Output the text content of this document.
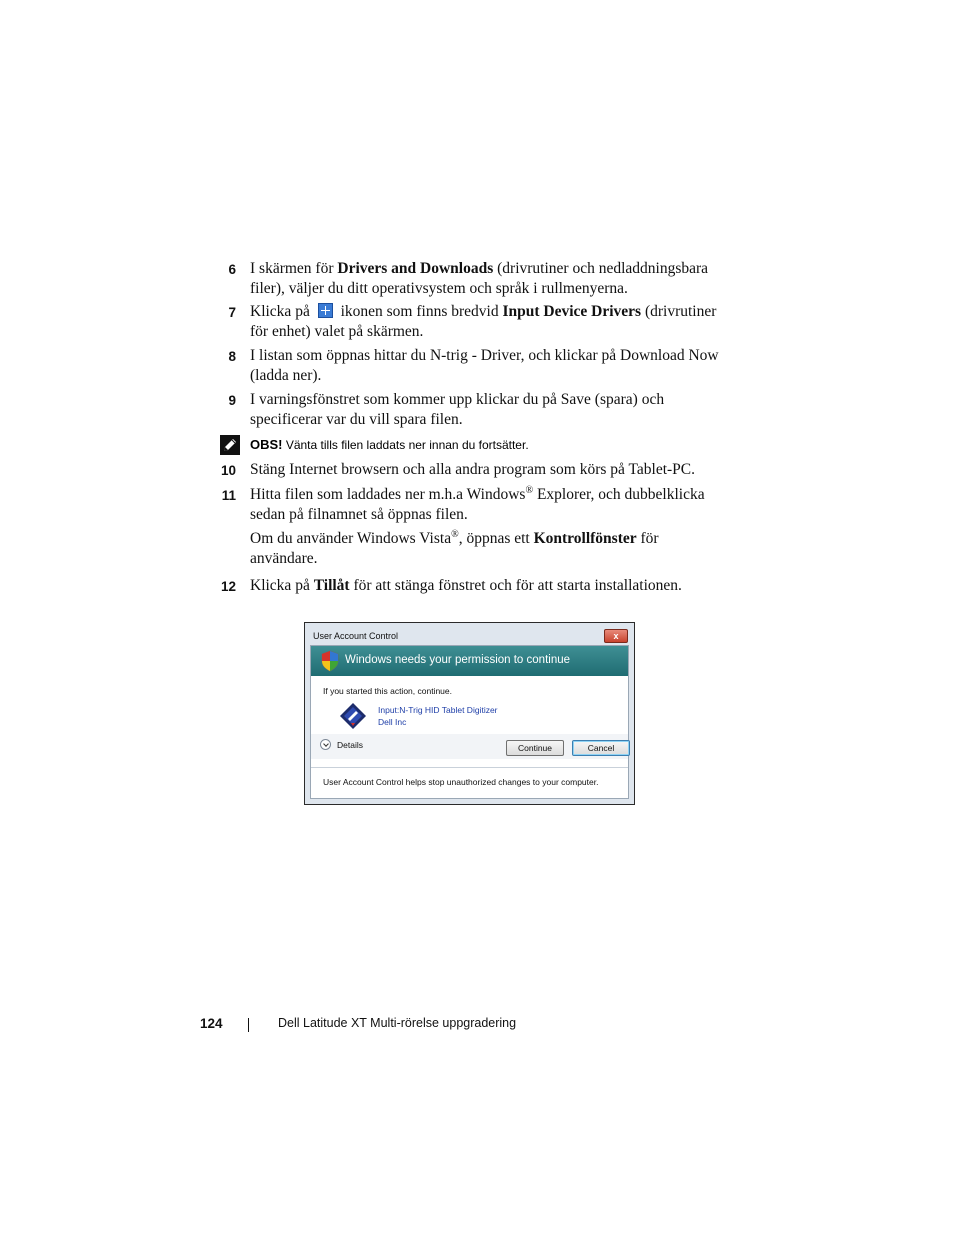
6 I skärmen för Drivers and Downloads (drivrutiner och nedladdningsbara filer), väljer du ditt operativsystem och språk i rullmenyerna.
7 Klicka på  ikonen som finns bredvid Input Device Drivers (drivrutiner för enhet) valet på skärmen.
8 I listan som öppnas hittar du N-trig - Driver, och klickar på Download Now (ladda ner).
9 I varningsfönstret som kommer upp klickar du på Save (spara) och specificerar var du vill spara filen.
OBS! Vänta tills filen laddats ner innan du fortsätter.
10 Stäng Internet browsern och alla andra program som körs på Tablet-PC.
11 Hitta filen som laddades ner m.h.a Windows® Explorer, och dubbelklicka sedan på filnamnet så öppnas filen.
Om du använder Windows Vista®, öppnas ett Kontrollfönster för användare.
12 Klicka på Tillåt för att stänga fönstret och för att starta installationen.
User Account Control	x
Windows needs your permission to continue
If you started this action, continue.
Input:N-Trig HID Tablet Digitizer
Dell Inc
Details	Continue	Cancel
User Account Control helps stop unauthorized changes to your computer.
124	Dell Latitude XT Multi-rörelse uppgradering
